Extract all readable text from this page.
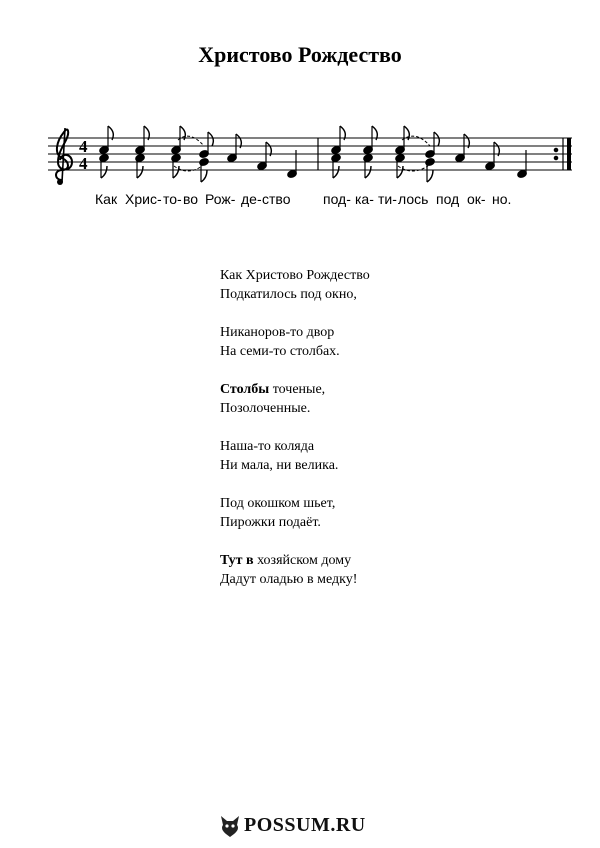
Христово Рождество
4
4
Как Хрис- то- во Рож- де- ство под- ка- ти- лось под ок- но.
Как Христово Рождество
Подкатилось под окно,
Никаноров-то двор
На семи-то столбах.
Столбы точеные,
Позолоченные.
Наша-то коляда
Ни мала, ни велика.
Под окошком шьет,
Пирожки подаёт.
Тут в хозяйском дому
Дадут оладью в медку!
POSSUM.RU
